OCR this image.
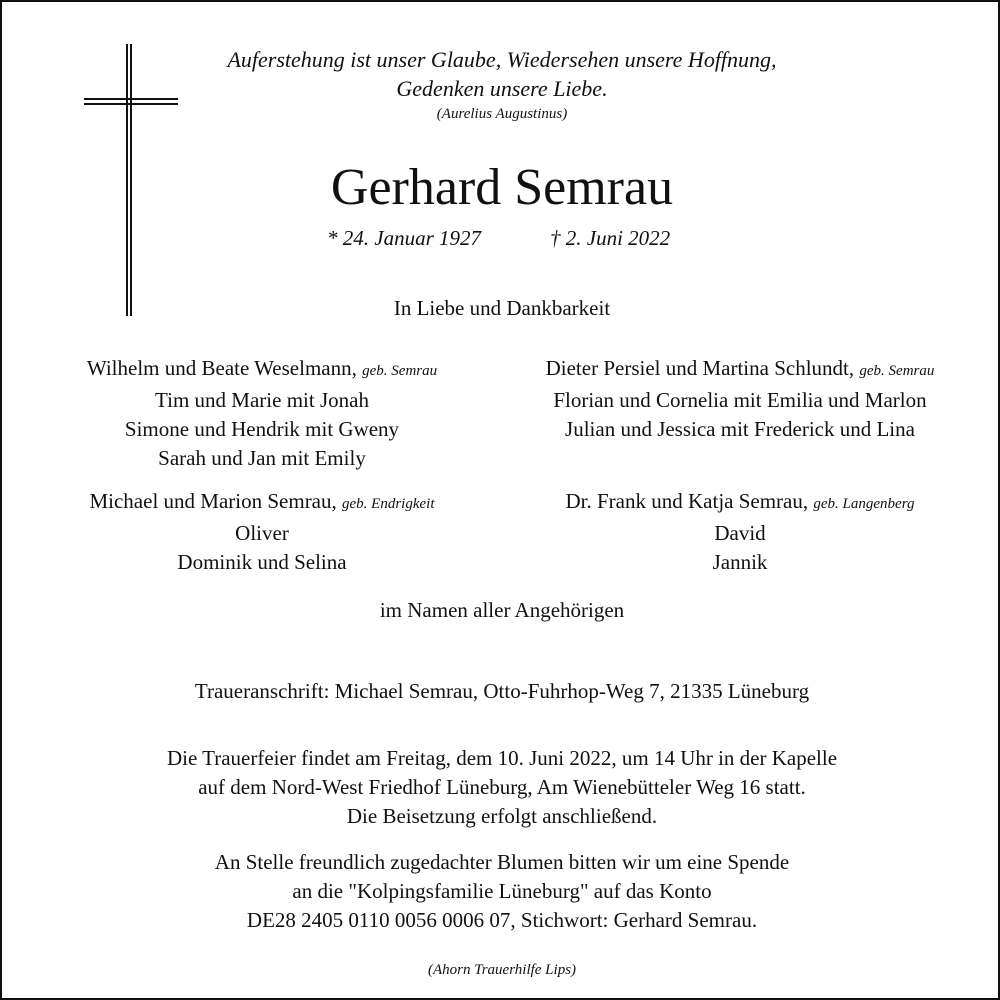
Auferstehung ist unser Glaube, Wiedersehen unsere Hoffnung,
Gedenken unsere Liebe.
(Aurelius Augustinus)
Gerhard Semrau
* 24. Januar 1927	† 2. Juni 2022
In Liebe und Dankbarkeit
Wilhelm und Beate Weselmann, geb. Semrau
Tim und Marie mit Jonah
Simone und Hendrik mit Gweny
Sarah und Jan mit Emily
Dieter Persiel und Martina Schlundt, geb. Semrau
Florian und Cornelia mit Emilia und Marlon
Julian und Jessica mit Frederick und Lina
Michael und Marion Semrau, geb. Endrigkeit
Oliver
Dominik und Selina
Dr. Frank und Katja Semrau, geb. Langenberg
David
Jannik
im Namen aller Angehörigen
Traueranschrift: Michael Semrau, Otto-Fuhrhop-Weg 7, 21335 Lüneburg
Die Trauerfeier findet am Freitag, dem 10. Juni 2022, um 14 Uhr in der Kapelle
auf dem Nord-West Friedhof Lüneburg, Am Wienebütteler Weg 16 statt.
Die Beisetzung erfolgt anschließend.
An Stelle freundlich zugedachter Blumen bitten wir um eine Spende
an die "Kolpingsfamilie Lüneburg" auf das Konto
DE28 2405 0110 0056 0006 07, Stichwort: Gerhard Semrau.
(Ahorn Trauerhilfe Lips)
